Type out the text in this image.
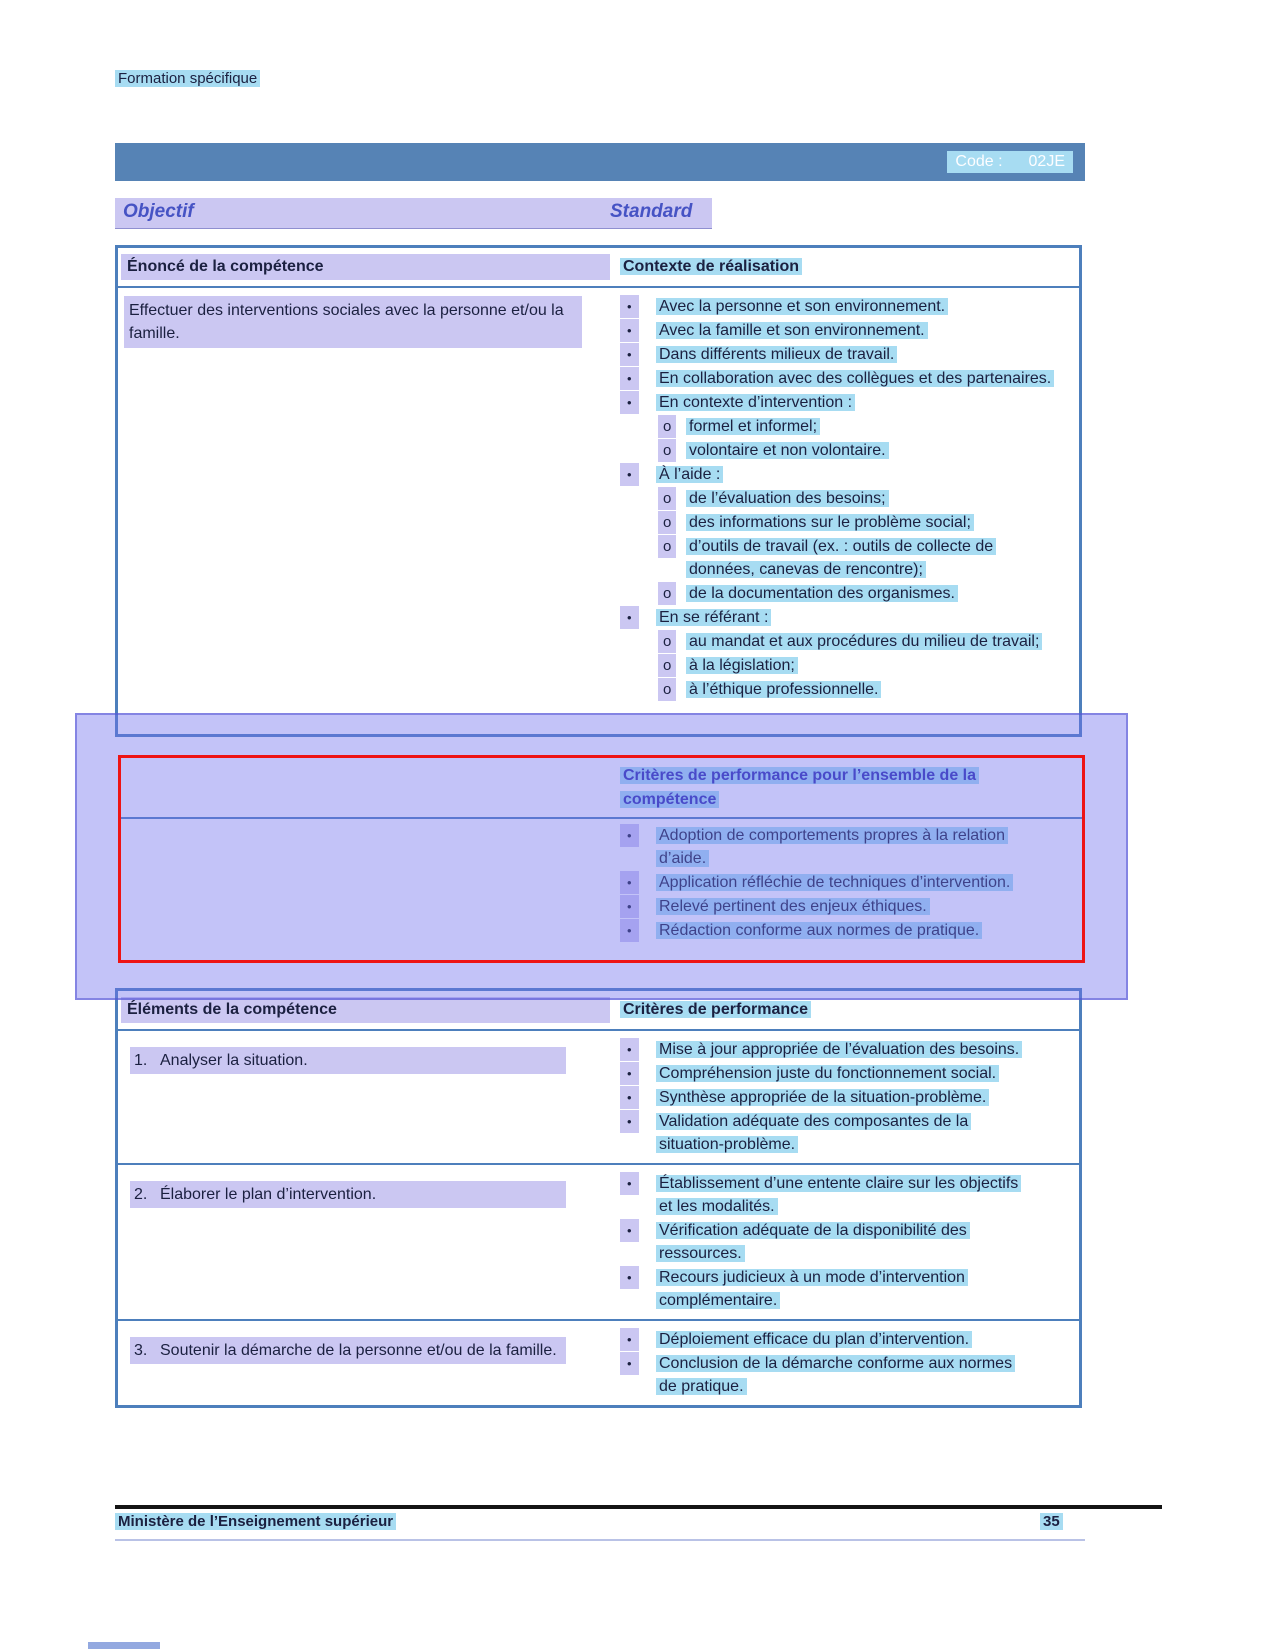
Formation spécifique
Code : 02JE
Objectif	Standard
Énoncé de la compétence	Contexte de réalisation
Effectuer des interventions sociales avec la personne et/ou la famille.
•	Avec la personne et son environnement.
•	Avec la famille et son environnement.
•	Dans différents milieux de travail.
•	En collaboration avec des collègues et des partenaires.
•	En contexte d’intervention :
o	formel et informel;
o	volontaire et non volontaire.
•	À l’aide :
o	de l’évaluation des besoins;
o	des informations sur le problème social;
o	d’outils de travail (ex. : outils de collecte de données, canevas de rencontre);
o	de la documentation des organismes.
•	En se référant :
o	au mandat et aux procédures du milieu de travail;
o	à la législation;
o	à l’éthique professionnelle.
Critères de performance pour l’ensemble de la compétence
•	Adoption de comportements propres à la relation d’aide.
•	Application réfléchie de techniques d’intervention.
•	Relevé pertinent des enjeux éthiques.
•	Rédaction conforme aux normes de pratique.
Éléments de la compétence	Critères de performance
1. Analyser la situation.
•	Mise à jour appropriée de l’évaluation des besoins.
•	Compréhension juste du fonctionnement social.
•	Synthèse appropriée de la situation-problème.
•	Validation adéquate des composantes de la situation-problème.
2. Élaborer le plan d’intervention.
•	Établissement d’une entente claire sur les objectifs et les modalités.
•	Vérification adéquate de la disponibilité des ressources.
•	Recours judicieux à un mode d’intervention complémentaire.
3. Soutenir la démarche de la personne et/ou de la famille.
•	Déploiement efficace du plan d’intervention.
•	Conclusion de la démarche conforme aux normes de pratique.
Ministère de l’Enseignement supérieur	35
